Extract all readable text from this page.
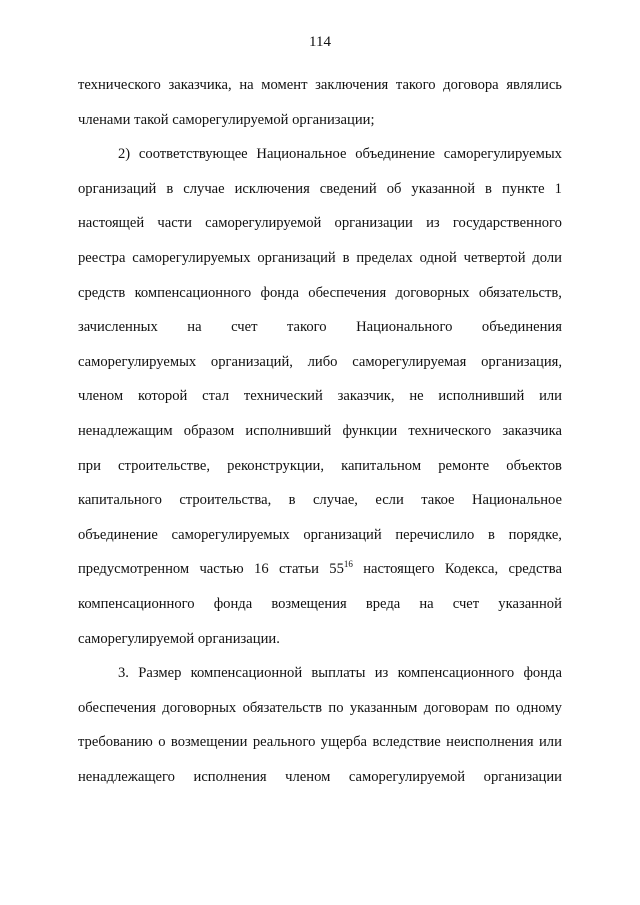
114
технического заказчика, на момент заключения такого договора являлись
членами такой саморегулируемой организации;
2) соответствующее Национальное объединение саморегулируемых
организаций в случае исключения сведений об указанной в пункте 1
настоящей части саморегулируемой организации из государственного
реестра саморегулируемых организаций в пределах одной четвертой доли
средств компенсационного фонда обеспечения договорных обязательств,
зачисленных на счет такого Национального объединения
саморегулируемых организаций, либо саморегулируемая организация,
членом которой стал технический заказчик, не исполнивший или
ненадлежащим образом исполнивший функции технического заказчика
при строительстве, реконструкции, капитальном ремонте объектов
капитального строительства, в случае, если такое Национальное
объединение саморегулируемых организаций перечислило в порядке,
предусмотренном частью 16 статьи $55^{16}$ настоящего Кодекса, средства
компенсационного фонда возмещения вреда на счет указанной
саморегулируемой организации.
3. Размер компенсационной выплаты из компенсационного фонда
обеспечения договорных обязательств по указанным договорам по одному
требованию о возмещении реального ущерба вследствие неисполнения или
ненадлежащего исполнения членом саморегулируемой организации
